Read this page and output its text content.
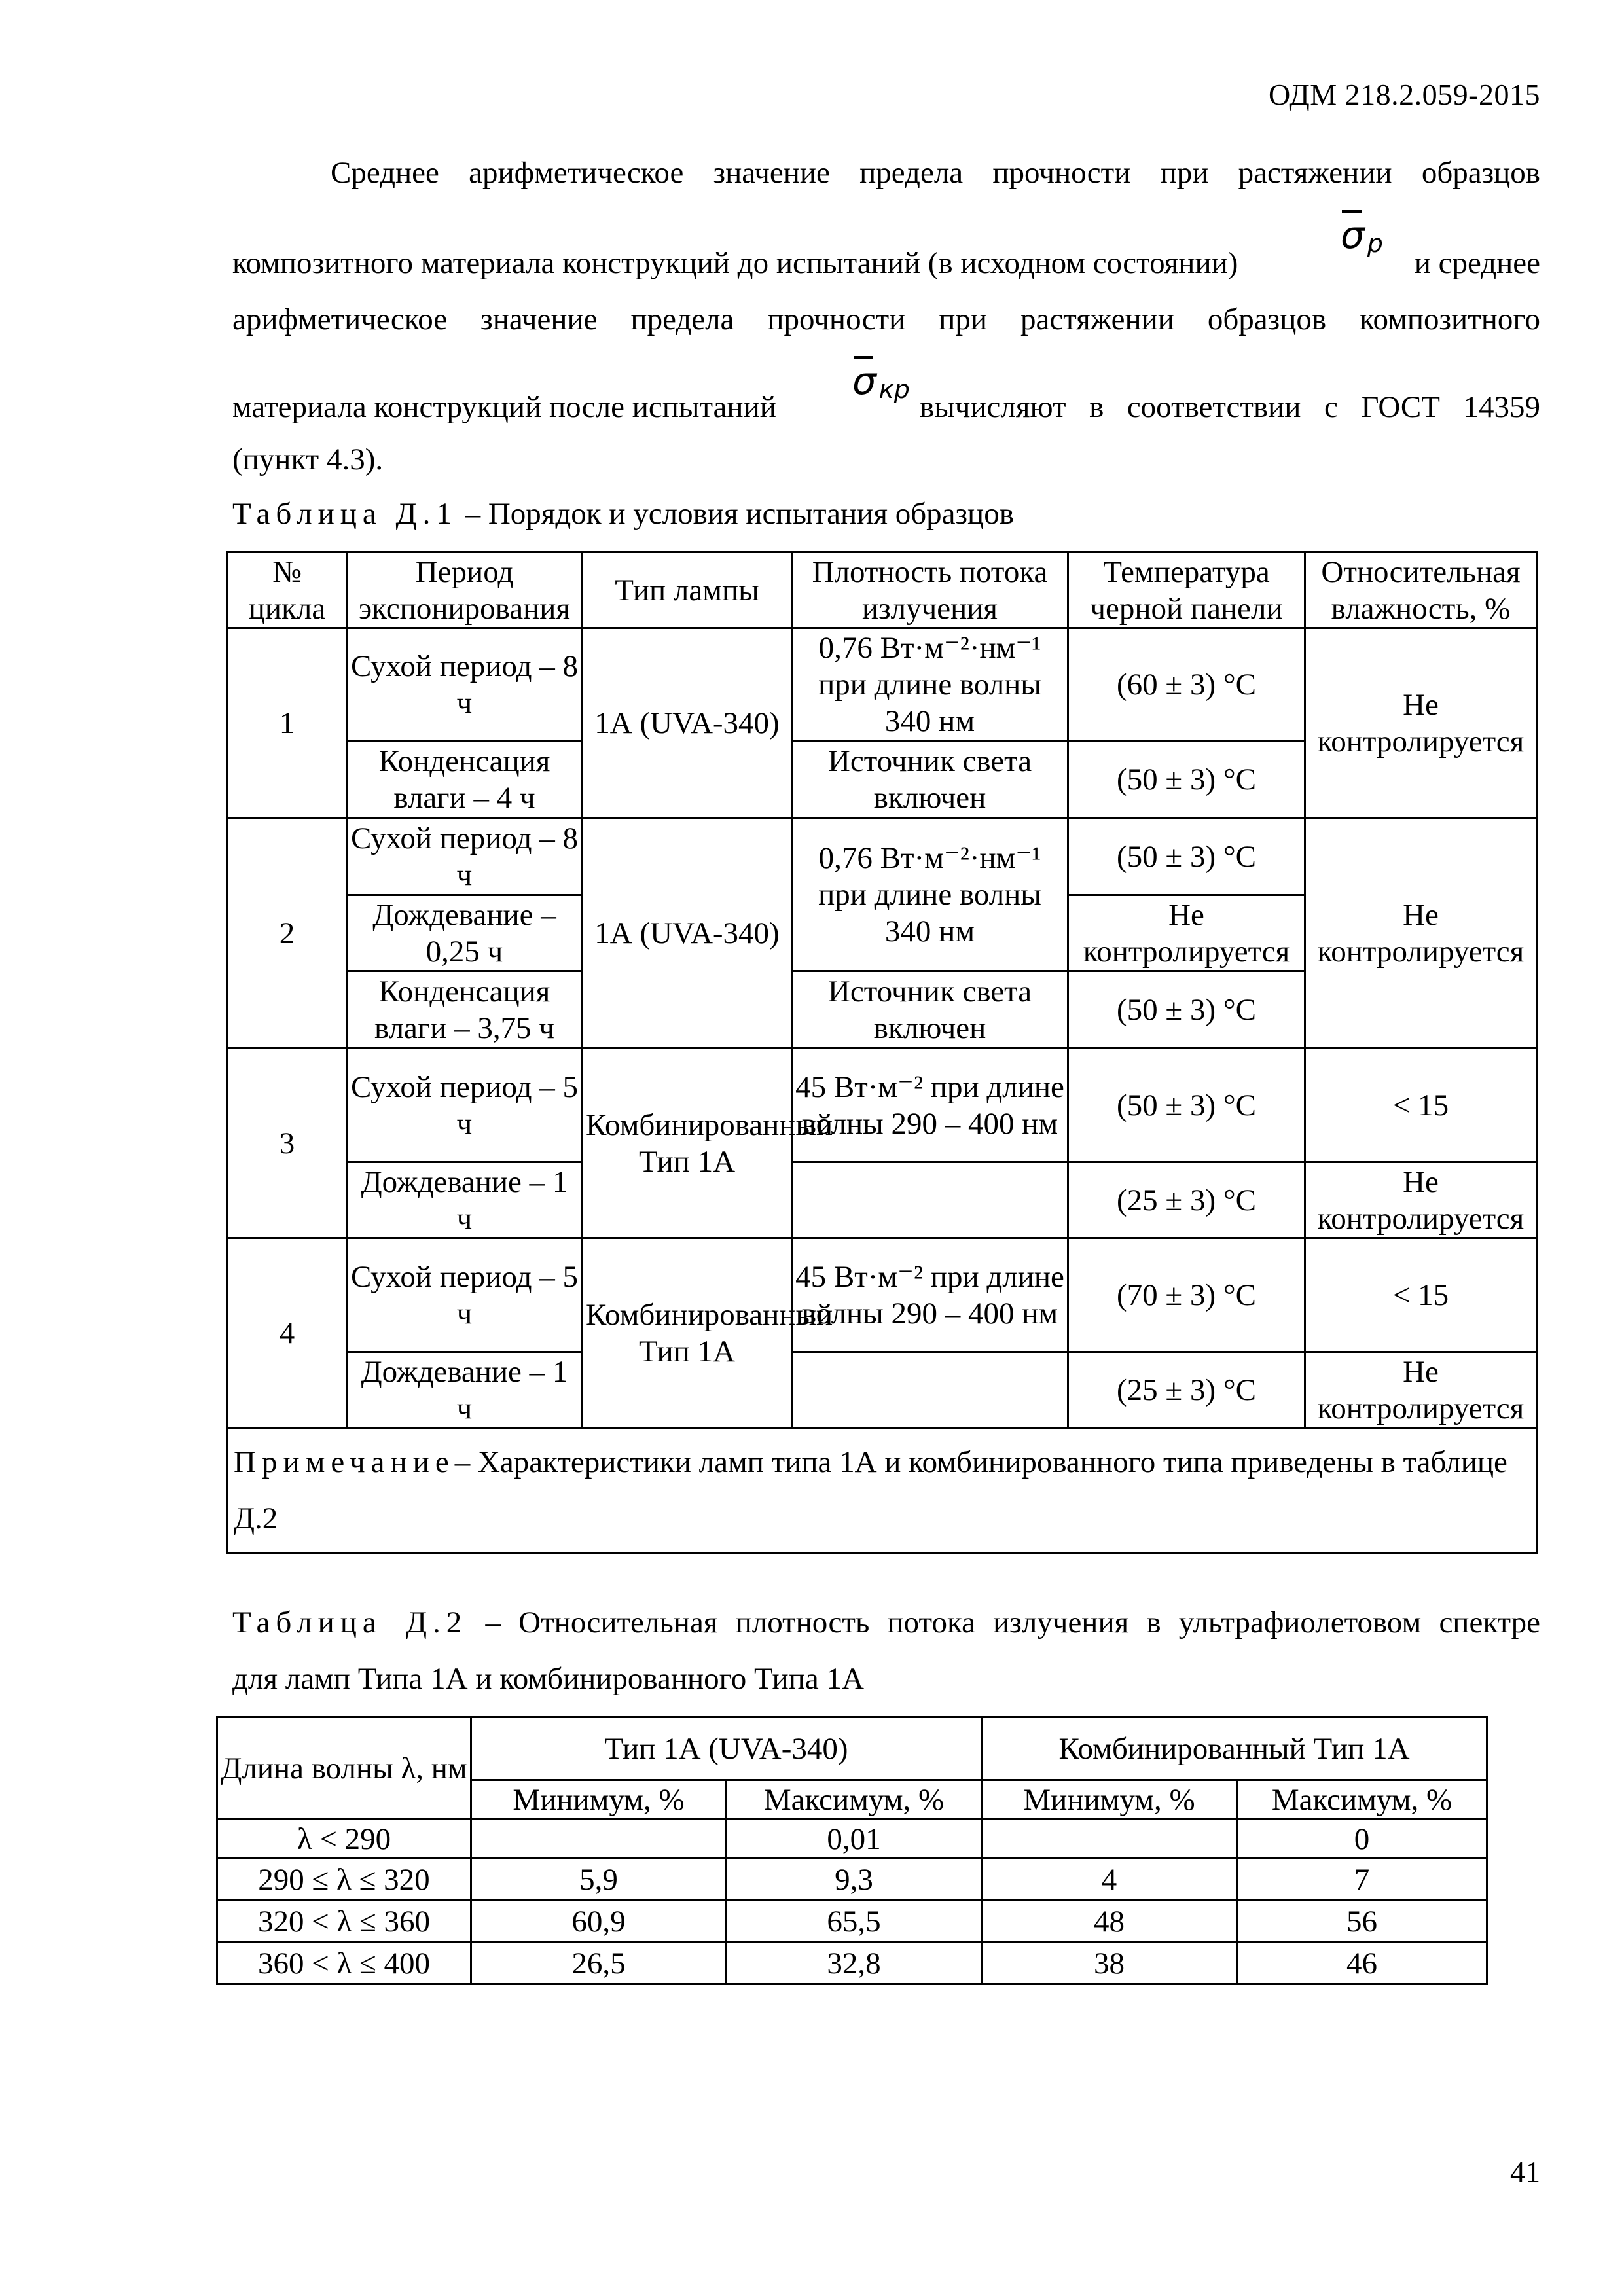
ОДМ 218.2.059-2015
Среднее арифметическое значение предела прочности при растяжении образцов
композитного материала конструкций до испытаний (в исходном состоянии)	и среднее
σp
арифметическое значение предела прочности при растяжении образцов композитного
материала конструкций после испытаний	вычисляют в соответствии с ГОСТ 14359
σкр
(пункт 4.3).
Таблица Д.1 – Порядок и условия испытания образцов
№ цикла	Период экспонирования	Тип лампы	Плотность потока излучения	Температура черной панели	Относительная влажность, %
1	Сухой период – 8 ч	1А (UVA-340)	0,76 Вт·м⁻²·нм⁻¹ при длине волны 340 нм	(60 ± 3) °С	Не контролируется
	Конденсация влаги – 4 ч		Источник света включен	(50 ± 3) °С	
2	Сухой период – 8 ч	1А (UVA-340)	0,76 Вт·м⁻²·нм⁻¹ при длине волны 340 нм	(50 ± 3) °С	Не контролируется
	Дождевание – 0,25 ч			Не контролируется	
	Конденсация влаги – 3,75 ч		Источник света включен	(50 ± 3) °С	
3	Сухой период – 5 ч	Комбинированный Тип 1А	45 Вт·м⁻² при длине волны 290 – 400 нм	(50 ± 3) °С	< 15
	Дождевание – 1 ч			(25 ± 3) °С	Не контролируется
4	Сухой период – 5 ч	Комбинированный Тип 1А	45 Вт·м⁻² при длине волны 290 – 400 нм	(70 ± 3) °С	< 15
	Дождевание – 1 ч			(25 ± 3) °С	Не контролируется
Примечание– Характеристики ламп типа 1А и комбинированного типа приведены в таблице Д.2					
Таблица Д.2 – Относительная плотность потока излучения в ультрафиолетовом спектре
для ламп Типа 1А и комбинированного Типа 1А
Длина волны λ, нм	Тип 1А (UVA-340)		Комбинированный Тип 1А	
	Минимум, %	Максимум, %	Минимум, %	Максимум, %
λ < 290		0,01		0
290 ≤ λ ≤ 320	5,9	9,3	4	7
320 < λ ≤ 360	60,9	65,5	48	56
360 < λ ≤ 400	26,5	32,8	38	46
41
